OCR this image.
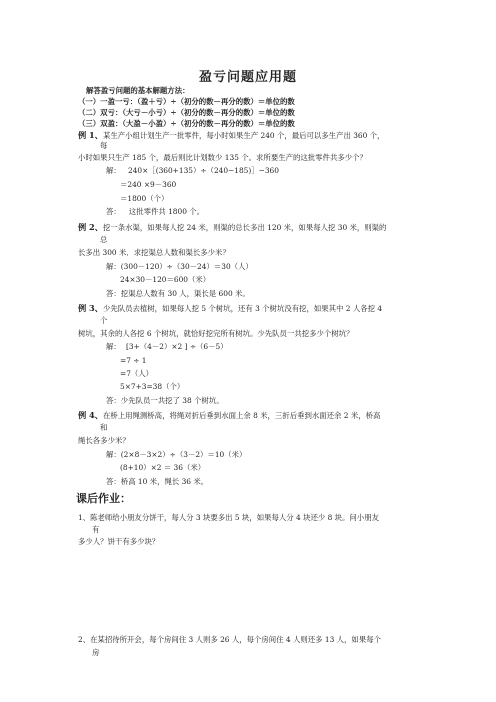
盈亏问题应用题
解答盈亏问题的基本解题方法：
（一）一盈一亏：（盈＋亏）÷（初分的数－再分的数）＝单位的数
（二）双亏：（大亏－小亏）÷（初分的数－再分的数）＝单位的数
（三）双盈：（大盈－小盈）÷（初分的数－再分的数）＝单位的数
例 1、某生产小组计划生产一批零件，每小时如果生产 240 个，最后可以多生产出 360 个，
每
小时如果只生产 185 个，最后则比计划数少 135 个。求所要生产的这批零件共多少个？
解： 240×［(360+135）÷（240−185)］−360
＝240 ×9－360
＝1800（个）
答： 这批零件共 1800 个。
例 2、挖一条水渠，如果每人挖 24 米，则渠的总长多出 120 米，如果每人挖 30 米，则渠的
总
长多出 300 米．求挖渠总人数和渠长多少米？
解：(300－120）÷（30－24）＝30（人）
24×30－120＝600（米）
答：挖渠总人数有 30 人，渠长是 600 米。
例 3、少先队员去植树，如果每人挖 5 个树坑，还有 3 个树坑没有挖，如果其中 2 人各挖 4
个
树坑，其余的人各挖 6 个树坑，就恰好挖完所有树坑。少先队员一共挖多少个树坑？
解： [3+（4－2）×2 ] ÷（6－5）
=7 ÷ 1
=7（人）
5×7+3=38（个）
答：少先队员一共挖了 38 个树坑。
例 4、在桥上用绳测桥高，将绳对折后垂到水面上余 8 米，三折后垂到水面还余 2 米，桥高
和
绳长各多少米？
解：(2×8－3×2）÷（3－2）＝10（米）
(8+10）×2 ＝ 36（米）
答：桥高 10 米，绳长 36 米。
课后作业：
1、陈老师给小朋友分饼干，每人分 3 块要多出 5 块，如果每人分 4 块还少 8 块。问小朋友
有
多少人？饼干有多少块？
2、在某招待所开会，每个房间住 3 人则多 26 人，每个房间住 4 人则还多 13 人，如果每个
房
